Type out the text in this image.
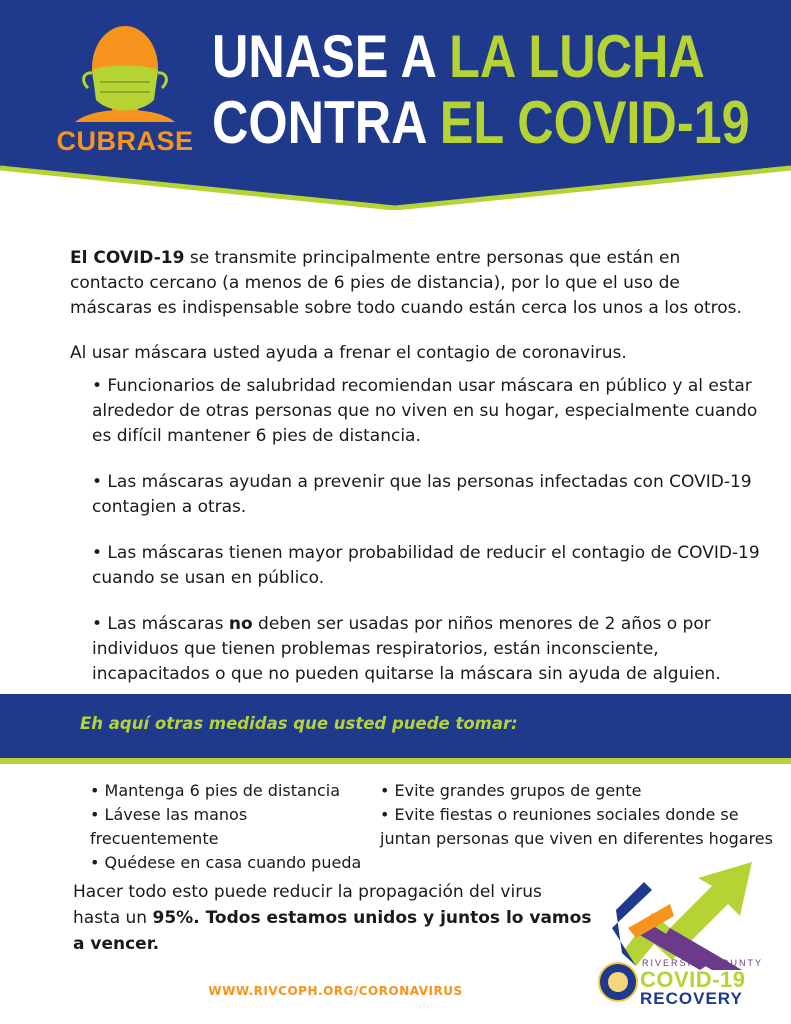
CUBRASE
UNASE A LA LUCHA
CONTRA EL COVID-19
El COVID-19 se transmite principalmente entre personas que están en contacto cercano (a menos de 6 pies de distancia), por lo que el uso de máscaras es indispensable sobre todo cuando están cerca los unos a los otros.
Al usar máscara usted ayuda a frenar el contagio de coronavirus.

• Funcionarios de salubridad recomiendan usar máscara en público y al estar alrededor de otras personas que no viven en su hogar, especialmente cuando es difícil mantener 6 pies de distancia.

• Las máscaras ayudan a prevenir que las personas infectadas con COVID-19 contagien a otras.

• Las máscaras tienen mayor probabilidad de reducir el contagio de COVID-19 cuando se usan en público.

• Las máscaras no deben ser usadas por niños menores de 2 años o por individuos que tienen problemas respiratorios, están inconsciente, incapacitados o que no pueden quitarse la máscara sin ayuda de alguien.

Eh aquí otras medidas que usted puede tomar:
• Mantenga 6 pies de distancia
• Lávese las manos frecuentemente
• Quédese en casa cuando pueda
• Evite grandes grupos de gente
• Evite fiestas o reuniones sociales donde se
juntan personas que viven en diferentes hogares
Hacer todo esto puede reducir la propagación del virus hasta un 95%. Todos estamos unidos y juntos lo vamos a vencer.
WWW.RIVCOPH.ORG/CORONAVIRUS
RIVERSIDE COUNTY
COVID-19
RECOVERY
